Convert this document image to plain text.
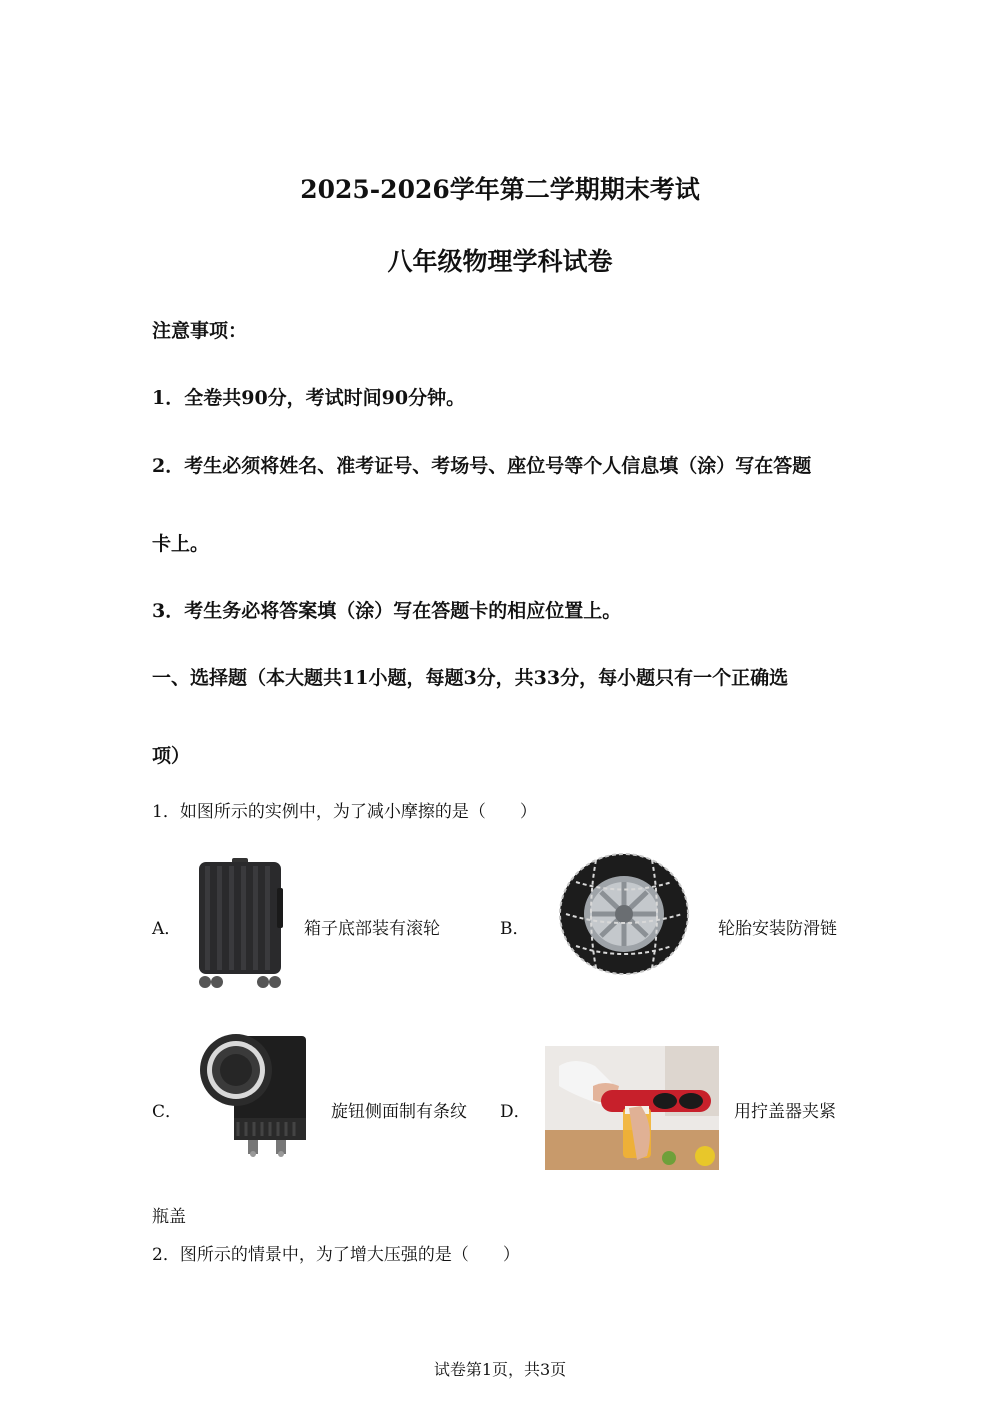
2025-2026学年第二学期期末考试
八年级物理学科试卷
注意事项：
1．全卷共90分，考试时间90分钟。
2．考生必须将姓名、准考证号、考场号、座位号等个人信息填（涂）写在答题
卡上。
3．考生务必将答案填（涂）写在答题卡的相应位置上。
一、选择题（本大题共11小题，每题3分，共33分，每小题只有一个正确选
项）
1．如图所示的实例中，为了减小摩擦的是（　　）
A．	箱子底部装有滚轮	B．	轮胎安装防滑链
C．	旋钮侧面制有条纹 D．	用拧盖器夹紧
瓶盖
2．图所示的情景中，为了增大压强的是（　　）
试卷第1页，共3页
